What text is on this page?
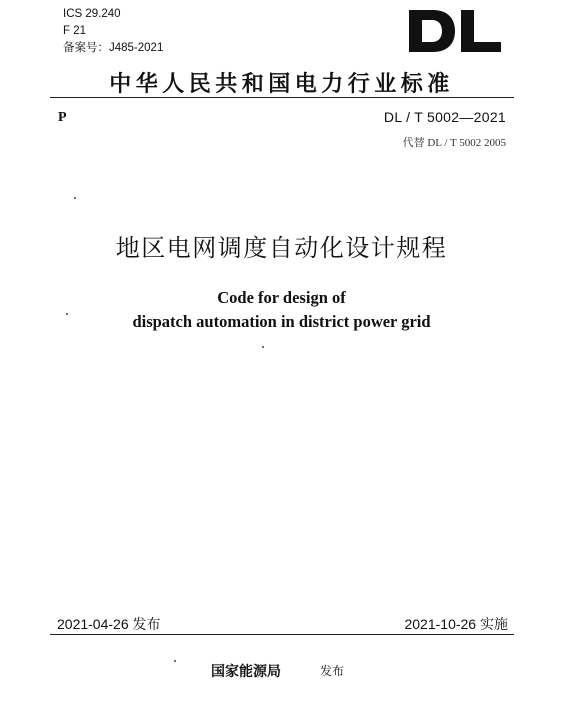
ICS 29.240
F 21
备案号：J485-2021
中华人民共和国电力行业标准
P	DL / T 5002—2021
代替 DL / T 5002 2005
地区电网调度自动化设计规程
Code for design of
dispatch automation in district power grid
2021-04-26 发布	2021-10-26 实施
国家能源局	发布
